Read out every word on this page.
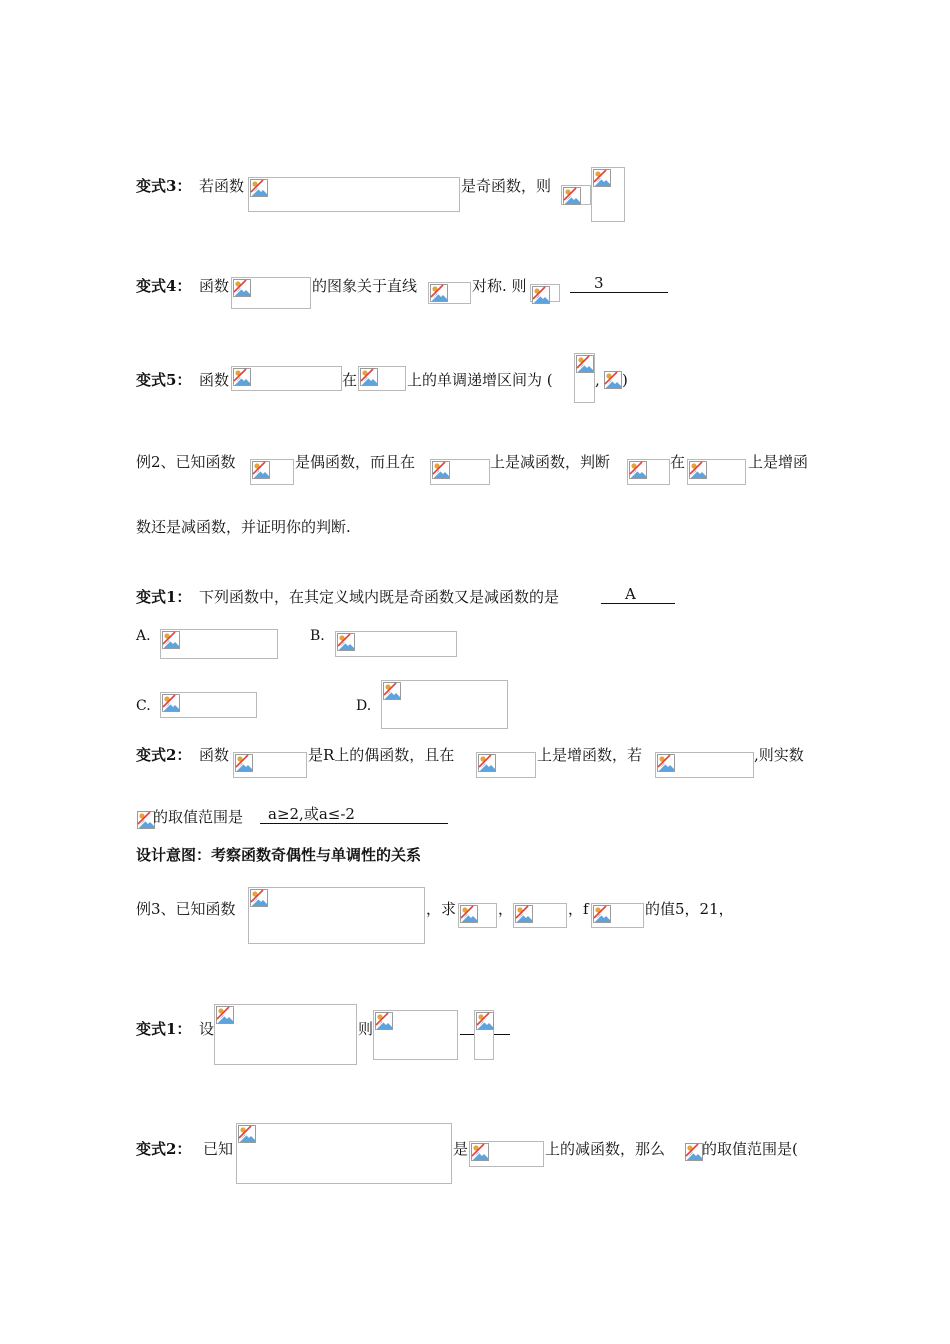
变式3： 若函数	是奇函数，则
变式4： 函数	的图象关于直线	对称. 则	3
变式5： 函数	在	上的单调递增区间为 (	, )
例2、已知函数	是偶函数，而且在	上是减函数，判断	在	上是增函
数还是减函数，并证明你的判断.
变式1： 下列函数中，在其定义域内既是奇函数又是减函数的是	A
A.	B.
C.	D.
变式2： 函数	是R上的偶函数，且在	上是增函数，若	,则实数
的取值范围是	a≥2,或a≤-2
设计意图：考察函数奇偶性与单调性的关系
例3、已知函数	，求	，	，f	的值5，21，
变式1： 设	则
变式2： 已知	是	上的减函数，那么 的取值范围是(
